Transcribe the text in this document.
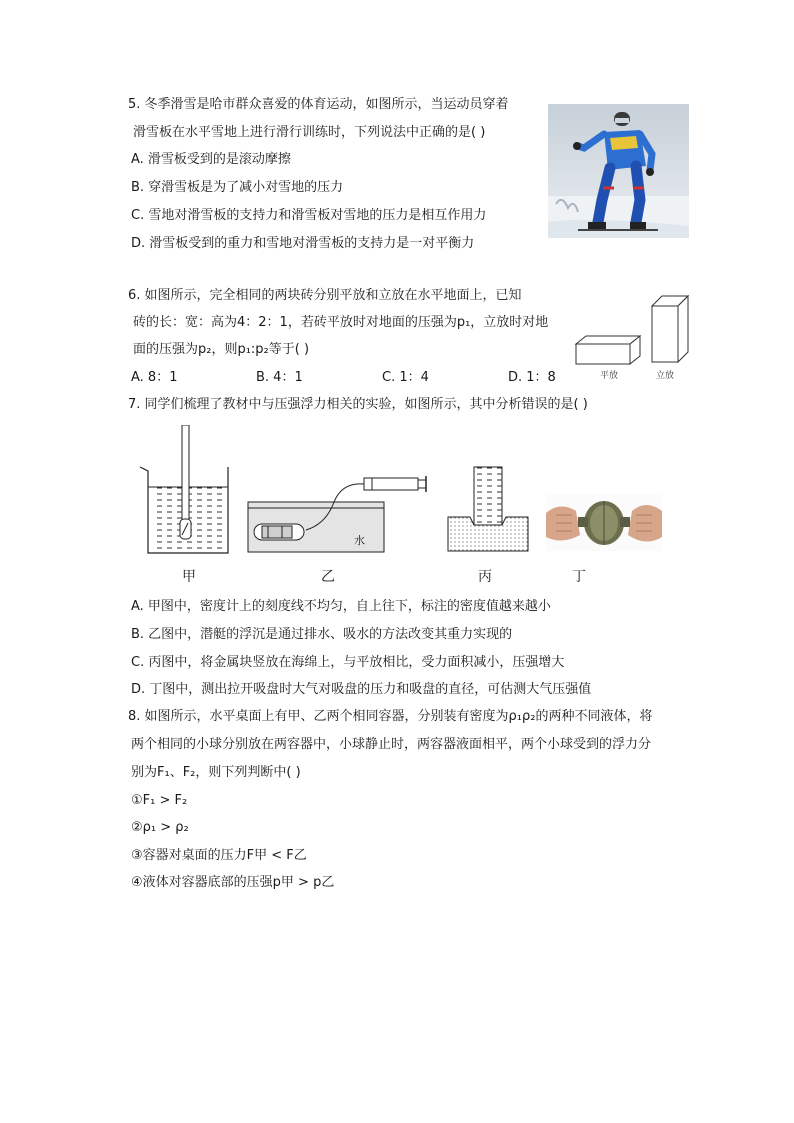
5. 冬季滑雪是哈市群众喜爱的体育运动，如图所示，当运动员穿着
滑雪板在水平雪地上进行滑行训练时，下列说法中正确的是( )
A. 滑雪板受到的是滚动摩擦
B. 穿滑雪板是为了减小对雪地的压力
C. 雪地对滑雪板的支持力和滑雪板对雪地的压力是相互作用力
D. 滑雪板受到的重力和雪地对滑雪板的支持力是一对平衡力
6. 如图所示，完全相同的两块砖分别平放和立放在水平地面上，已知
砖的长：宽：高为4：2：1，若砖平放时对地面的压强为p₁，立放时对地
面的压强为p₂，则p₁:p₂等于( )
A. 8：1	B. 4：1	C. 1：4	D. 1：8	平放	立放
7. 同学们梳理了教材中与压强浮力相关的实验，如图所示，其中分析错误的是( )
甲
水
乙	丙	丁
A. 甲图中，密度计上的刻度线不均匀，自上往下，标注的密度值越来越小
B. 乙图中，潜艇的浮沉是通过排水、吸水的方法改变其重力实现的
C. 丙图中，将金属块竖放在海绵上，与平放相比，受力面积减小，压强增大
D. 丁图中，测出拉开吸盘时大气对吸盘的压力和吸盘的直径，可估测大气压强值
8. 如图所示，水平桌面上有甲、乙两个相同容器，分别装有密度为ρ₁ρ₂的两种不同液体，将
两个相同的小球分别放在两容器中，小球静止时，两容器液面相平，两个小球受到的浮力分
别为F₁、F₂，则下列判断中( )
①F₁ > F₂
②ρ₁ > ρ₂
③容器对桌面的压力F甲 < F乙
④液体对容器底部的压强p甲 > p乙
